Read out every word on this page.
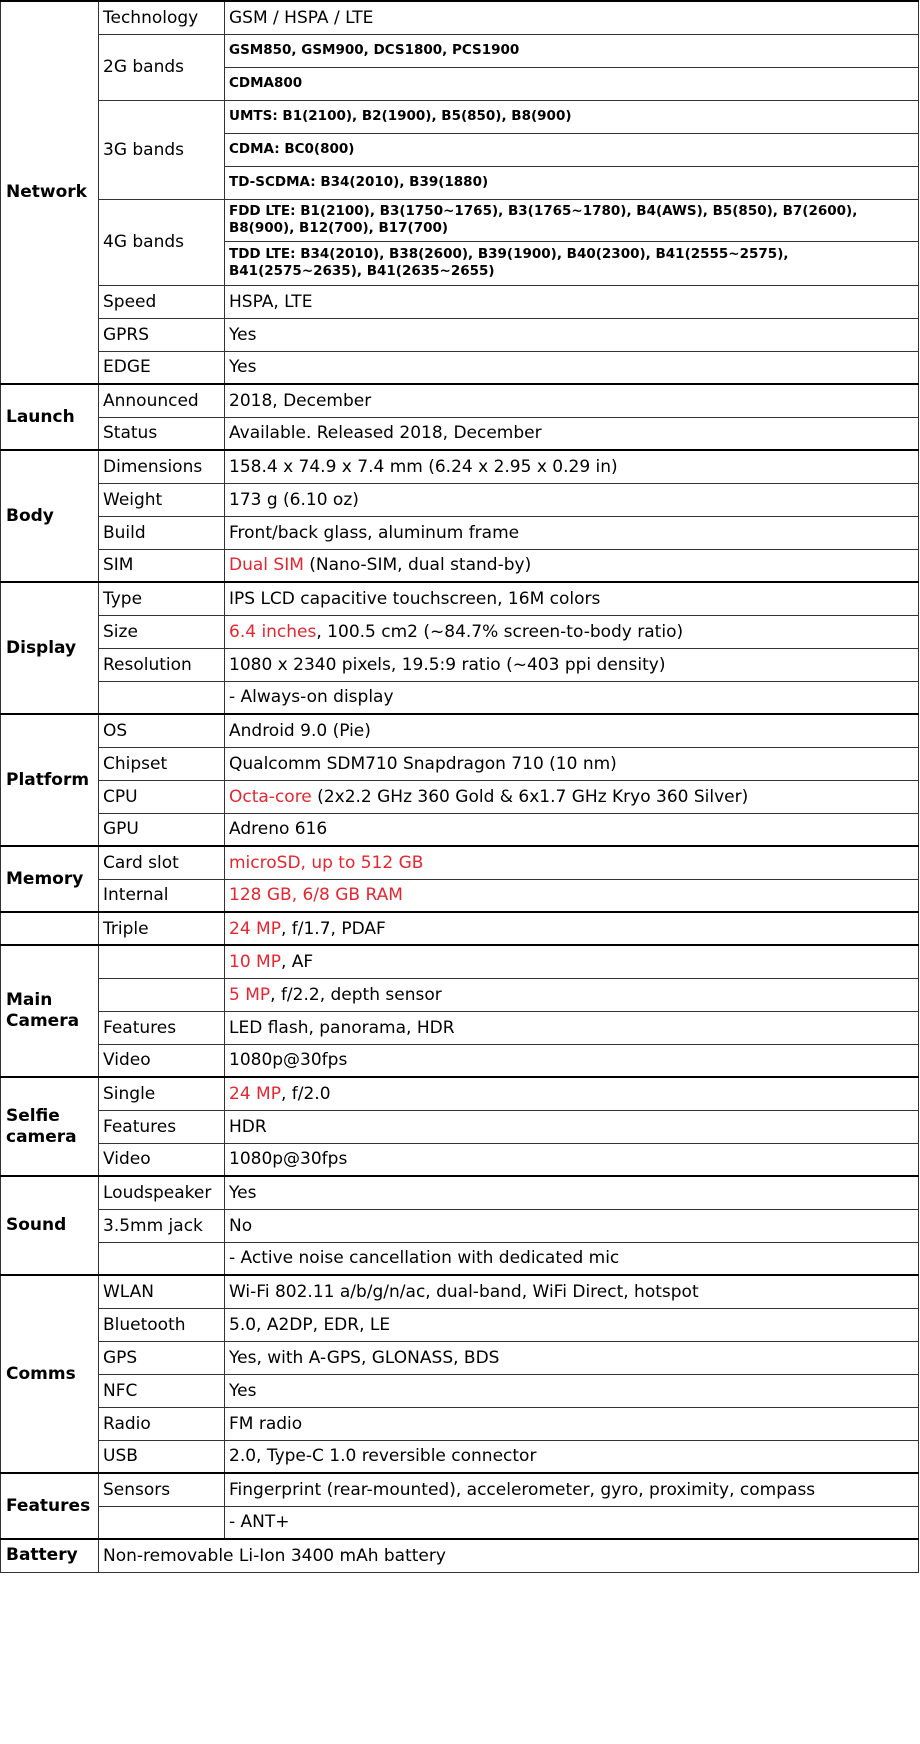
Network	Technology	GSM / HSPA / LTE
	2G bands	GSM850, GSM900, DCS1800, PCS1900
		CDMA800
	3G bands	UMTS: B1(2100), B2(1900), B5(850), B8(900)
		CDMA: BC0(800)
		TD-SCDMA: B34(2010), B39(1880)
	4G bands	FDD LTE: B1(2100), B3(1750~1765), B3(1765~1780), B4(AWS), B5(850), B7(2600), B8(900), B12(700), B17(700)
		TDD LTE: B34(2010), B38(2600), B39(1900), B40(2300), B41(2555~2575), B41(2575~2635), B41(2635~2655)
	Speed	HSPA, LTE
	GPRS	Yes
	EDGE	Yes
Launch	Announced	2018, December
	Status	Available. Released 2018, December
Body	Dimensions	158.4 x 74.9 x 7.4 mm (6.24 x 2.95 x 0.29 in)
	Weight	173 g (6.10 oz)
	Build	Front/back glass, aluminum frame
	SIM	Dual SIM (Nano-SIM, dual stand-by)
Display	Type	IPS LCD capacitive touchscreen, 16M colors
	Size	6.4 inches, 100.5 cm2 (~84.7% screen-to-body ratio)
	Resolution	1080 x 2340 pixels, 19.5:9 ratio (~403 ppi density)
		- Always-on display
Platform	OS	Android 9.0 (Pie)
	Chipset	Qualcomm SDM710 Snapdragon 710 (10 nm)
	CPU	Octa-core (2x2.2 GHz 360 Gold & 6x1.7 GHz Kryo 360 Silver)
	GPU	Adreno 616
Memory	Card slot	microSD, up to 512 GB
	Internal	128 GB, 6/8 GB RAM
	Triple	24 MP, f/1.7, PDAF
Main Camera		10 MP, AF
		5 MP, f/2.2, depth sensor
	Features	LED flash, panorama, HDR
	Video	1080p@30fps
Selfie camera	Single	24 MP, f/2.0
	Features	HDR
	Video	1080p@30fps
Sound	Loudspeaker	Yes
	3.5mm jack	No
		- Active noise cancellation with dedicated mic
Comms	WLAN	Wi-Fi 802.11 a/b/g/n/ac, dual-band, WiFi Direct, hotspot
	Bluetooth	5.0, A2DP, EDR, LE
	GPS	Yes, with A-GPS, GLONASS, BDS
	NFC	Yes
	Radio	FM radio
	USB	2.0, Type-C 1.0 reversible connector
Features	Sensors	Fingerprint (rear-mounted), accelerometer, gyro, proximity, compass
		- ANT+
Battery	Non-removable Li-Ion 3400 mAh battery	
